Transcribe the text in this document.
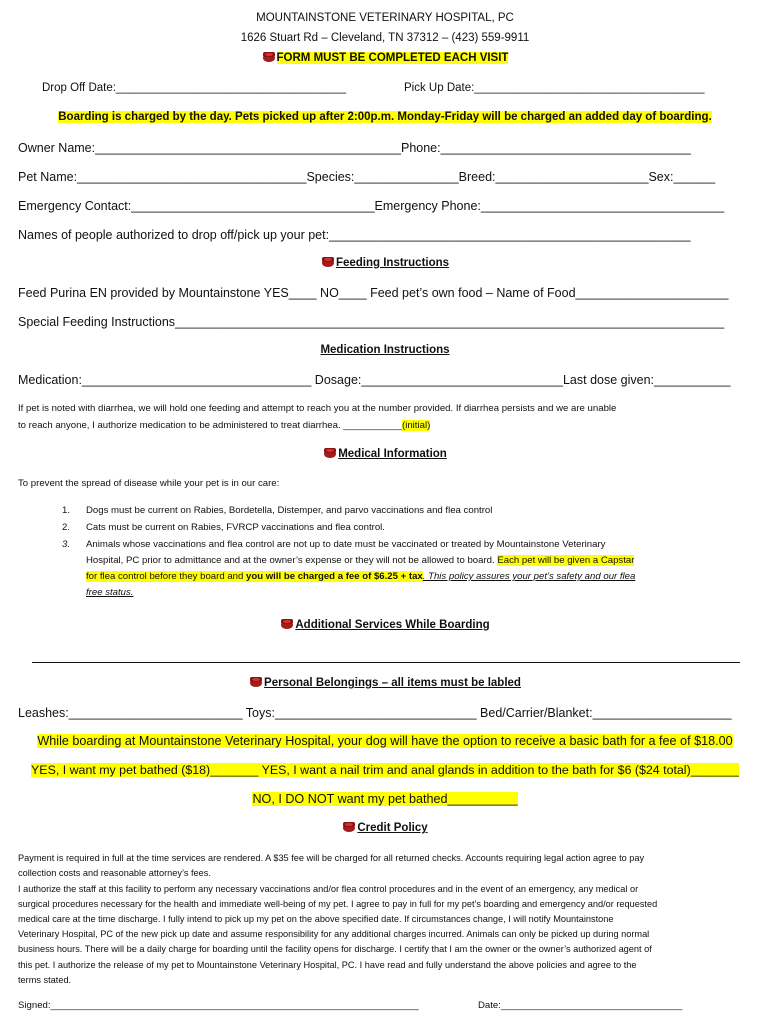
MOUNTAINSTONE VETERINARY HOSPITAL, PC
1626 Stuart Rd – Cleveland, TN 37312 – (423) 559-9911
FORM MUST BE COMPLETED EACH VISIT
Drop Off Date:____________________________________	Pick Up Date:____________________________________
Boarding is charged by the day. Pets picked up after 2:00p.m. Monday-Friday will be charged an added day of boarding.
Owner Name:____________________________________________Phone:____________________________________
Pet Name:_________________________________Species:_______________Breed:______________________Sex:______
Emergency Contact:___________________________________Emergency Phone:___________________________________
Names of people authorized to drop off/pick up your pet:____________________________________________________
Feeding Instructions
Feed Purina EN provided by Mountainstone YES____ NO____ Feed pet’s own food – Name of Food______________________
Special Feeding Instructions_______________________________________________________________________________
Medication Instructions
Medication:_________________________________ Dosage:_____________________________Last dose given:___________
If pet is noted with diarrhea, we will hold one feeding and attempt to reach you at the number provided. If diarrhea persists and we are unable
to reach anyone, I authorize medication to be administered to treat diarrhea. ___________(initial)
Medical Information
To prevent the spread of disease while your pet is in our care:
1. Dogs must be current on Rabies, Bordetella, Distemper, and parvo vaccinations and flea control
2. Cats must be current on Rabies, FVRCP vaccinations and flea control.
3. Animals whose vaccinations and flea control are not up to date must be vaccinated or treated by Mountainstone Veterinary
Hospital, PC prior to admittance and at the owner’s expense or they will not be allowed to board. Each pet will be given a Capstar
for flea control before they board and you will be charged a fee of $6.25 + tax. This policy assures your pet’s safety and our flea
free status.
Additional Services While Boarding
Personal Belongings – all items must be labled
Leashes:_________________________ Toys:_____________________________ Bed/Carrier/Blanket:____________________
While boarding at Mountainstone Veterinary Hospital, your dog will have the option to receive a basic bath for a fee of $18.00
YES, I want my pet bathed ($18)_______ YES, I want a nail trim and anal glands in addition to the bath for $6 ($24 total)_______
NO, I DO NOT want my pet bathed__________
Credit Policy
Payment is required in full at the time services are rendered. A $35 fee will be charged for all returned checks. Accounts requiring legal action agree to pay
collection costs and reasonable attorney’s fees.
I authorize the staff at this facility to perform any necessary vaccinations and/or flea control procedures and in the event of an emergency, any medical or
surgical procedures necessary for the health and immediate well-being of my pet. I agree to pay in full for my pet’s boarding and emergency and/or requested
medical care at the time discharge. I fully intend to pick up my pet on the above specified date. If circumstances change, I will notify Mountainstone
Veterinary Hospital, PC of the new pick up date and assume responsibility for any additional charges incurred. Animals can only be picked up during normal
business hours. There will be a daily charge for boarding until the facility opens for discharge. I certify that I am the owner or the owner’s authorized agent of
this pet. I authorize the release of my pet to Mountainstone Veterinary Hospital, PC. I have read and fully understand the above policies and agree to the
terms stated.
Signed:_____________________________________________________________________	Date:__________________________________
